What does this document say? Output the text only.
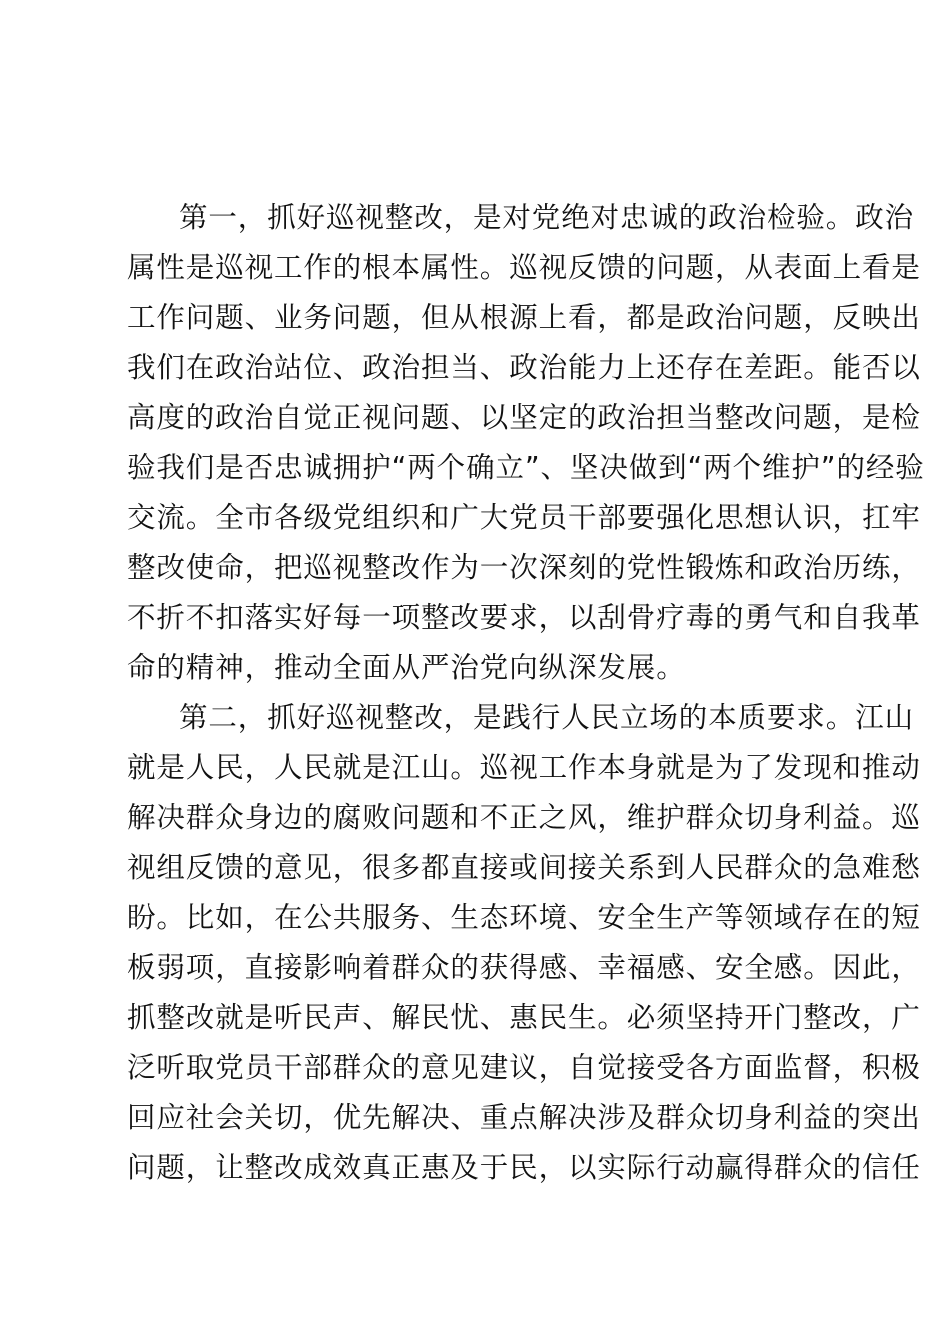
第一，抓好巡视整改，是对党绝对忠诚的政治检验。政治
属性是巡视工作的根本属性。巡视反馈的问题，从表面上看是
工作问题、业务问题，但从根源上看，都是政治问题，反映出
我们在政治站位、政治担当、政治能力上还存在差距。能否以
高度的政治自觉正视问题、以坚定的政治担当整改问题，是检
验我们是否忠诚拥护“两个确立”、坚决做到“两个维护”的经验
交流。全市各级党组织和广大党员干部要强化思想认识，扛牢
整改使命，把巡视整改作为一次深刻的党性锻炼和政治历练，
不折不扣落实好每一项整改要求，以刮骨疗毒的勇气和自我革
命的精神，推动全面从严治党向纵深发展。
第二，抓好巡视整改，是践行人民立场的本质要求。江山
就是人民，人民就是江山。巡视工作本身就是为了发现和推动
解决群众身边的腐败问题和不正之风，维护群众切身利益。巡
视组反馈的意见，很多都直接或间接关系到人民群众的急难愁
盼。比如，在公共服务、生态环境、安全生产等领域存在的短
板弱项，直接影响着群众的获得感、幸福感、安全感。因此，
抓整改就是听民声、解民忧、惠民生。必须坚持开门整改，广
泛听取党员干部群众的意见建议，自觉接受各方面监督，积极
回应社会关切，优先解决、重点解决涉及群众切身利益的突出
问题，让整改成效真正惠及于民，以实际行动赢得群众的信任
